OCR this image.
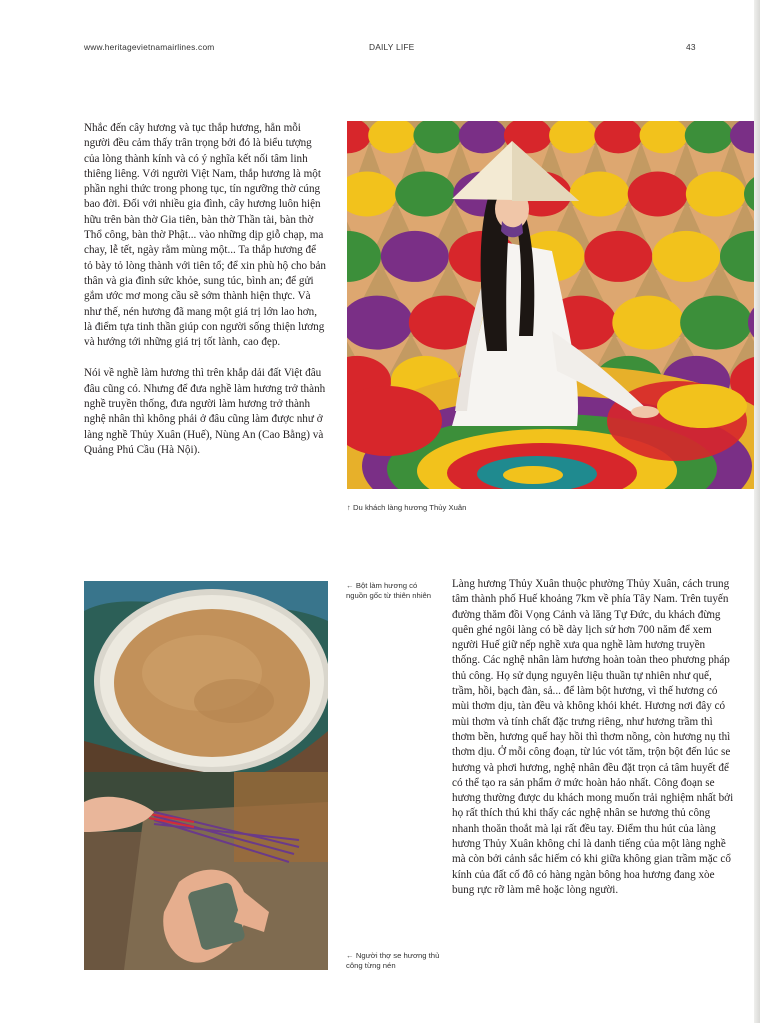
www.heritagevietnamairlines.com	DAILY LIFE	43

Nhắc đến cây hương và tục thắp hương, hẳn mỗi người đều cảm thấy trân trọng bởi đó là biểu tượng của lòng thành kính và có ý nghĩa kết nối tâm linh thiêng liêng. Với người Việt Nam, thắp hương là một phần nghi thức trong phong tục, tín ngưỡng thờ cúng bao đời. Đối với nhiều gia đình, cây hương luôn hiện hữu trên bàn thờ Gia tiên, bàn thờ Thần tài, bàn thờ Thổ công, bàn thờ Phật... vào những dịp giỗ chạp, ma chay, lễ tết, ngày rằm mùng một... Ta thắp hương để tỏ bày tỏ lòng thành với tiên tổ; để xin phù hộ cho bản thân và gia đình sức khỏe, sung túc, bình an; để gửi gắm ước mơ mong cầu sẽ sớm thành hiện thực. Và như thế, nén hương đã mang một giá trị lớn lao hơn, là điểm tựa tinh thần giúp con người sống thiện lương và hướng tới những giá trị tốt lành, cao đẹp.

Nói về nghề làm hương thì trên khắp dải đất Việt đâu đâu cũng có. Nhưng để đưa nghề làm hương trở thành nghề truyền thống, đưa người làm hương trở thành nghệ nhân thì không phải ở đâu cũng làm được như ở làng nghề Thủy Xuân (Huế), Nùng An (Cao Bằng) và Quảng Phú Cầu (Hà Nội).

↑ Du khách làng hương Thủy Xuân
← Bột làm hương có nguồn gốc từ thiên nhiên
← Người thợ se hương thủ công từng nén

Làng hương Thủy Xuân thuộc phường Thủy Xuân, cách trung tâm thành phố Huế khoảng 7km về phía Tây Nam. Trên tuyến đường thăm đồi Vọng Cảnh và lăng Tự Đức, du khách đừng quên ghé ngôi làng có bề dày lịch sử hơn 700 năm để xem người Huế giữ nếp nghề xưa qua nghề làm hương truyền thống. Các nghệ nhân làm hương hoàn toàn theo phương pháp thủ công. Họ sử dụng nguyên liệu thuần tự nhiên như quế, trầm, hồi, bạch đàn, sả... để làm bột hương, vì thế hương có mùi thơm dịu, tàn đều và không khói khét. Hương nơi đây có mùi thơm và tính chất đặc trưng riêng, như hương trầm thì thơm bền, hương quế hay hồi thì thơm nồng, còn hương nụ thì thơm dịu. Ở mỗi công đoạn, từ lúc vót tăm, trộn bột đến lúc se hương và phơi hương, nghệ nhân đều đặt trọn cả tâm huyết để có thể tạo ra sản phẩm ở mức hoàn hảo nhất. Công đoạn se hương thường được du khách mong muốn trải nghiệm nhất bởi họ rất thích thú khi thấy các nghệ nhân se hương thủ công nhanh thoăn thoắt mà lại rất đều tay. Điểm thu hút của làng hương Thủy Xuân không chỉ là danh tiếng của một làng nghề mà còn bởi cảnh sắc hiếm có khi giữa không gian trầm mặc cổ kính của đất cố đô có hàng ngàn bông hoa hương đang xòe bung rực rỡ làm mê hoặc lòng người.
